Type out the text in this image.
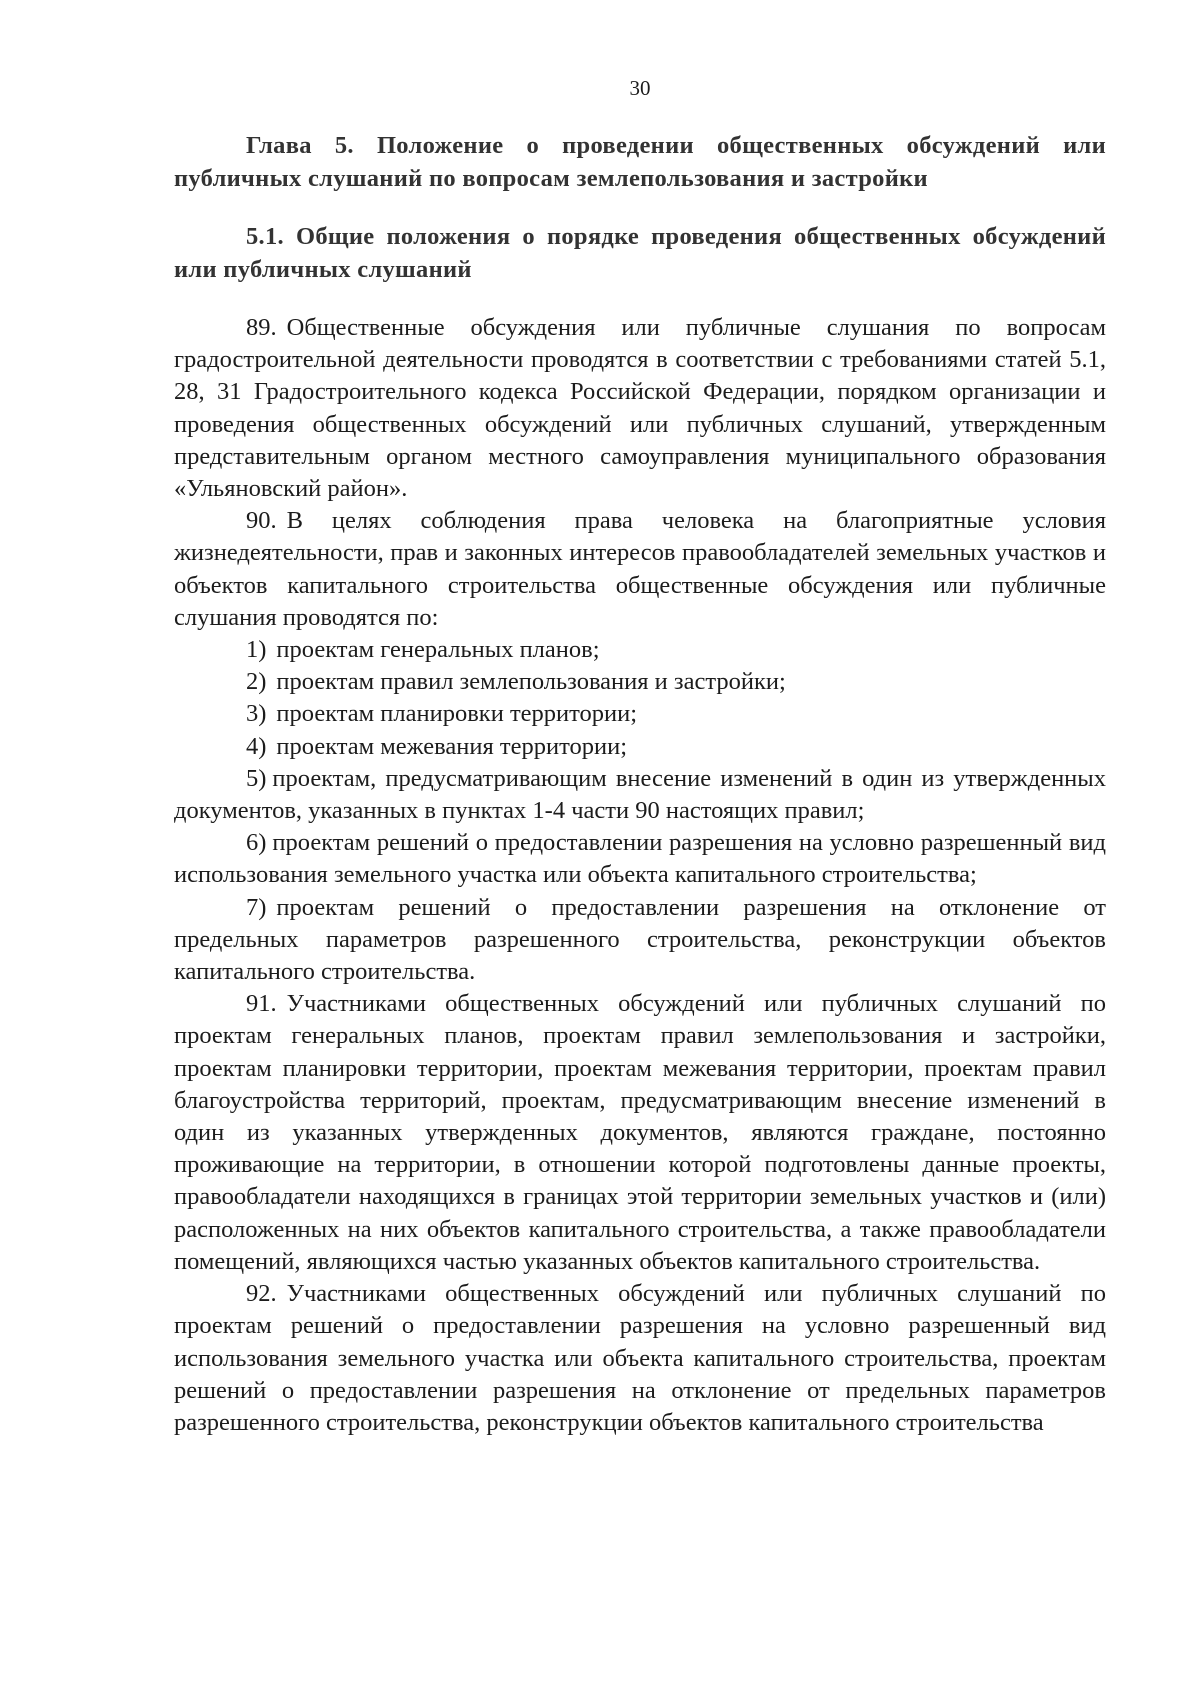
30
Глава 5. Положение о проведении общественных обсуждений или публичных слушаний по вопросам землепользования и застройки
5.1. Общие положения о порядке проведения общественных обсуждений или публичных слушаний

89. Общественные обсуждения или публичные слушания по вопросам градостроительной деятельности проводятся в соответствии с требованиями статей 5.1, 28, 31 Градостроительного кодекса Российской Федерации, порядком организации и проведения общественных обсуждений или публичных слушаний, утвержденным представительным органом местного самоуправления муниципального образования «Ульяновский район».

90. В целях соблюдения права человека на благоприятные условия жизнедеятельности, прав и законных интересов правообладателей земельных участков и объектов капитального строительства общественные обсуждения или публичные слушания проводятся по:

1) проектам генеральных планов;

2) проектам правил землепользования и застройки;

3) проектам планировки территории;

4) проектам межевания территории;

5) проектам, предусматривающим внесение изменений в один из утвержденных документов, указанных в пунктах 1-4 части 90 настоящих правил;

6) проектам решений о предоставлении разрешения на условно разрешенный вид использования земельного участка или объекта капитального строительства;

7) проектам решений о предоставлении разрешения на отклонение от предельных параметров разрешенного строительства, реконструкции объектов капитального строительства.

91. Участниками общественных обсуждений или публичных слушаний по проектам генеральных планов, проектам правил землепользования и застройки, проектам планировки территории, проектам межевания территории, проектам правил благоустройства территорий, проектам, предусматривающим внесение изменений в один из указанных утвержденных документов, являются граждане, постоянно проживающие на территории, в отношении которой подготовлены данные проекты, правообладатели находящихся в границах этой территории земельных участков и (или) расположенных на них объектов капитального строительства, а также правообладатели помещений, являющихся частью указанных объектов капитального строительства.

92. Участниками общественных обсуждений или публичных слушаний по проектам решений о предоставлении разрешения на условно разрешенный вид использования земельного участка или объекта капитального строительства, проектам решений о предоставлении разрешения на отклонение от предельных параметров разрешенного строительства, реконструкции объектов капитального строительства
